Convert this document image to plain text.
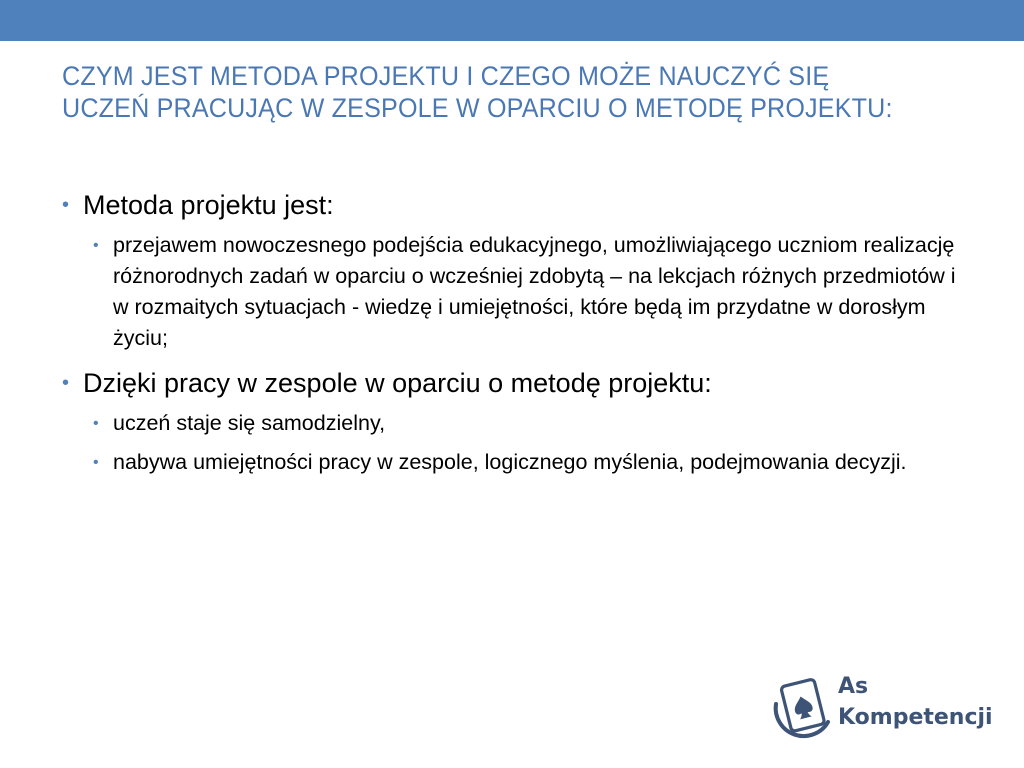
CZYM JEST METODA PROJEKTU I CZEGO MOŻE NAUCZYĆ SIĘ UCZEŃ PRACUJĄC W ZESPOLE W OPARCIU O METODĘ PROJEKTU:
• Metoda projektu jest:
• przejawem nowoczesnego podejścia edukacyjnego, umożliwiającego uczniom realizację różnorodnych zadań w oparciu o wcześniej zdobytą – na lekcjach różnych przedmiotów i w rozmaitych sytuacjach - wiedzę i umiejętności, które będą im przydatne w dorosłym życiu;
• Dzięki pracy w zespole w oparciu o metodę projektu:
• uczeń staje się samodzielny,
• nabywa umiejętności pracy w zespole, logicznego myślenia, podejmowania decyzji.
As
Kompetencji
